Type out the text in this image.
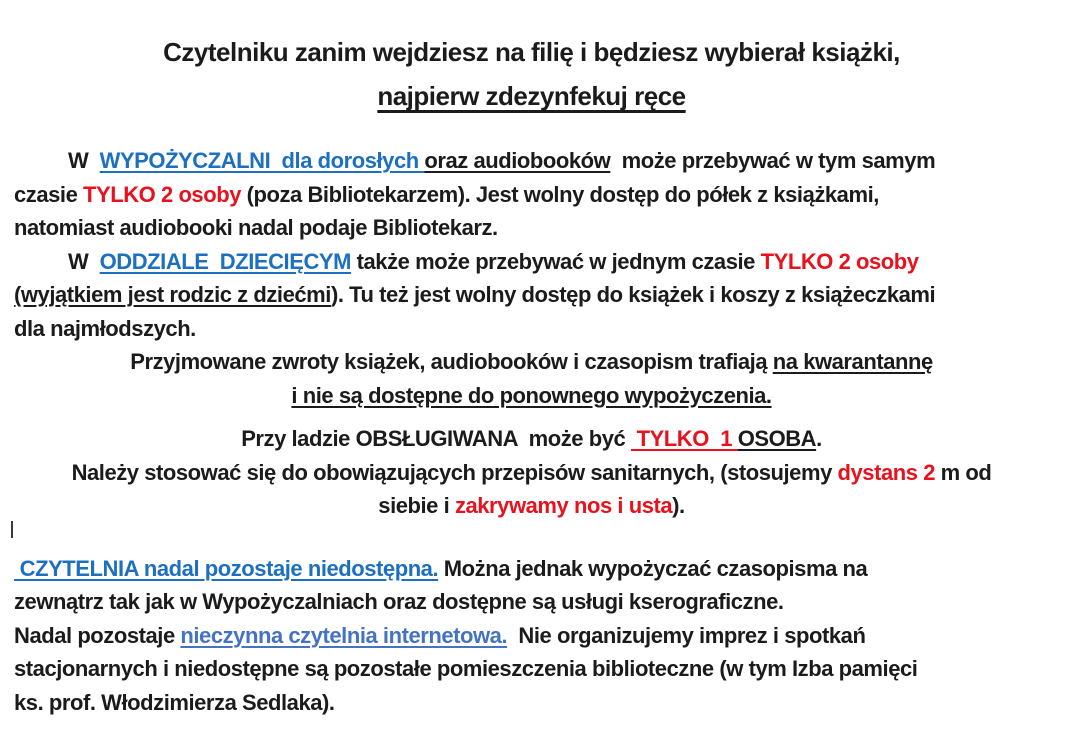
Czytelniku zanim wejdziesz na filię i będziesz wybierał książki,
najpierw zdezynfekuj ręce
W  WYPOŻYCZALNI  dla dorosłych oraz audiobooków  może przebywać w tym samym
czasie TYLKO 2 osoby (poza Bibliotekarzem). Jest wolny dostęp do półek z książkami,
natomiast audiobooki nadal podaje Bibliotekarz.
W  ODDZIALE  DZIECIĘCYM także może przebywać w jednym czasie TYLKO 2 osoby
(wyjątkiem jest rodzic z dziećmi). Tu też jest wolny dostęp do książek i koszy z książeczkami
dla najmłodszych.
Przyjmowane zwroty książek, audiobooków i czasopism trafiają na kwarantannę
i nie są dostępne do ponownego wypożyczenia.
Przy ladzie OBSŁUGIWANA  może być  TYLKO  1 OSOBA.
Należy stosować się do obowiązujących przepisów sanitarnych, (stosujemy dystans 2 m od
siebie i zakrywamy nos i usta).
CZYTELNIA nadal pozostaje niedostępna. Można jednak wypożyczać czasopisma na
zewnątrz tak jak w Wypożyczalniach oraz dostępne są usługi kserograficzne.
Nadal pozostaje nieczynna czytelnia internetowa.  Nie organizujemy imprez i spotkań
stacjonarnych i niedostępne są pozostałe pomieszczenia biblioteczne (w tym Izba pamięci
ks. prof. Włodzimierza Sedlaka).
